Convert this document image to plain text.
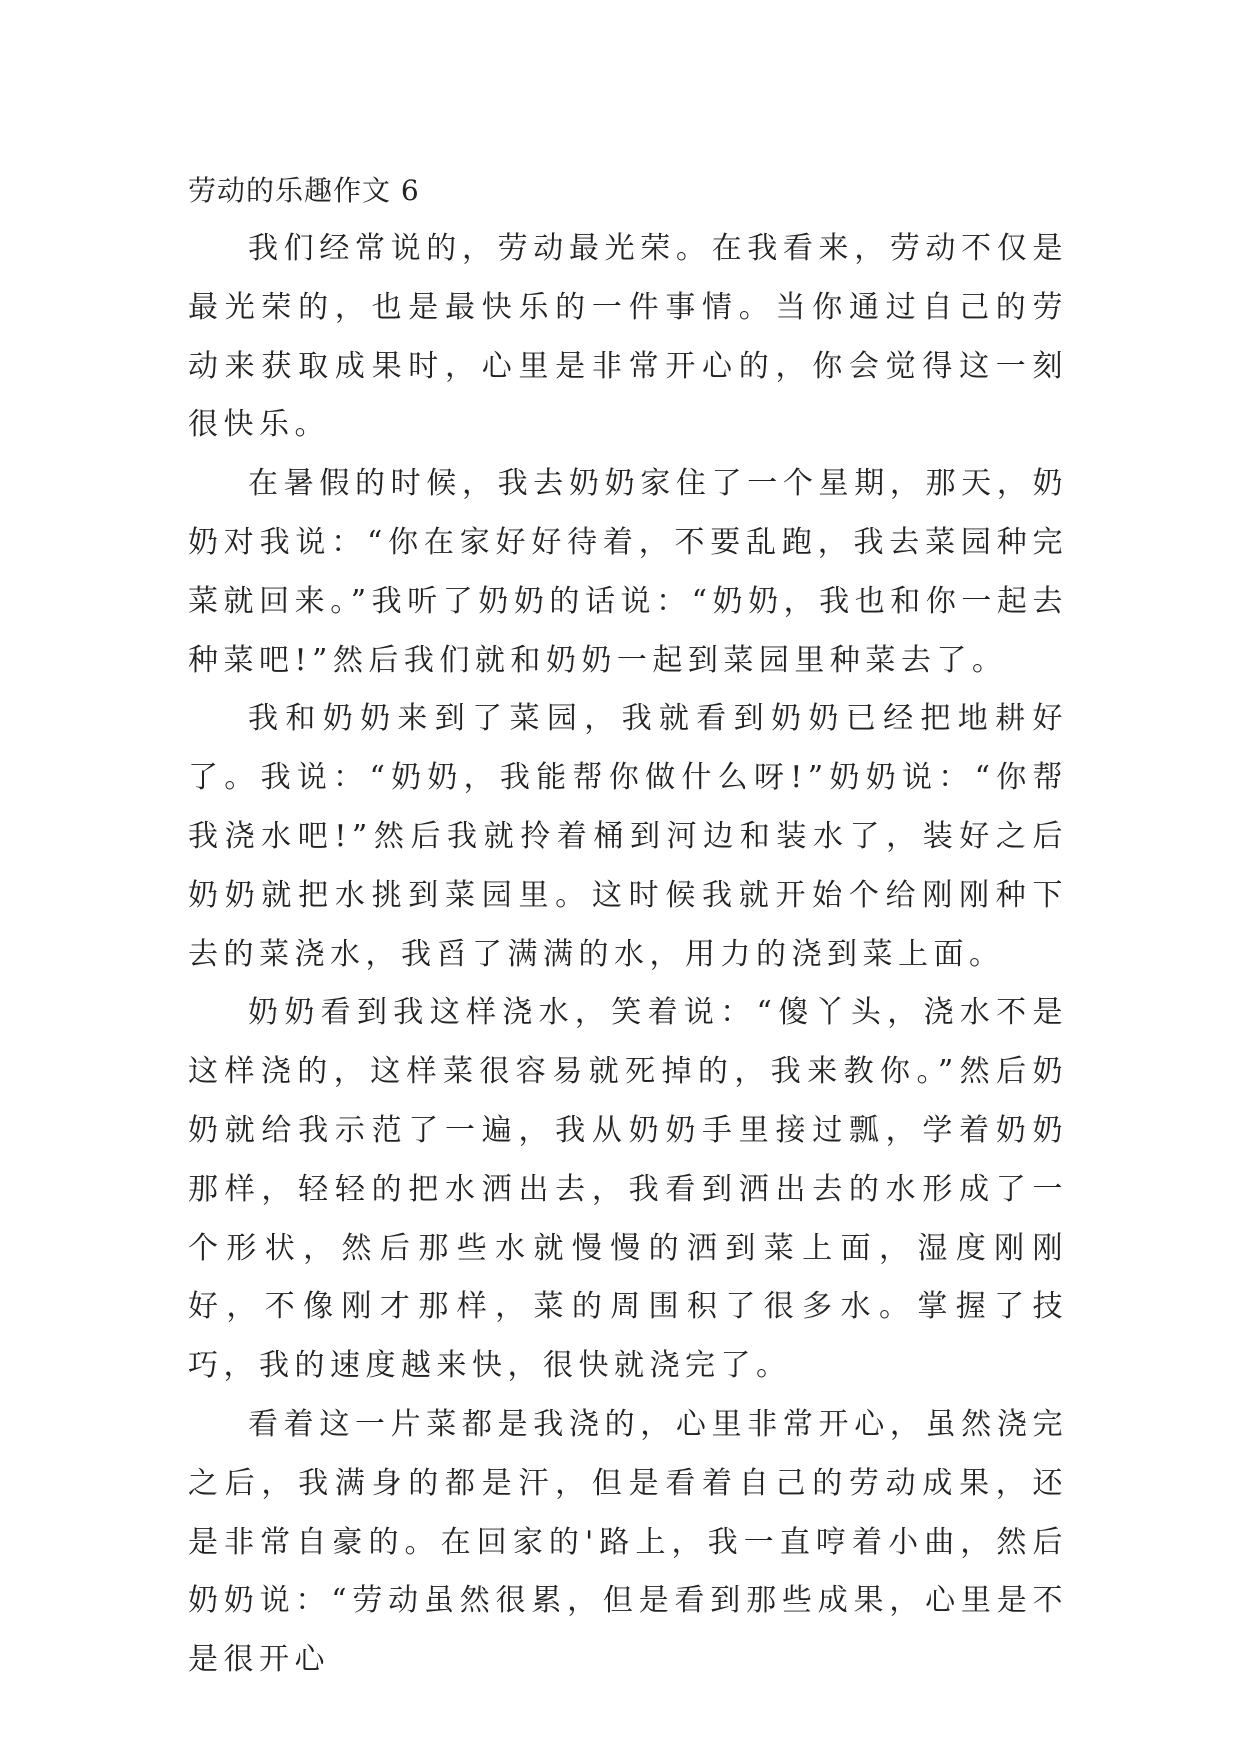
劳动的乐趣作文 6

我们经常说的，劳动最光荣。在我看来，劳动不仅是最光荣的，也是最快乐的一件事情。当你通过自己的劳动来获取成果时，心里是非常开心的，你会觉得这一刻很快乐。

在暑假的时候，我去奶奶家住了一个星期，那天，奶奶对我说：“你在家好好待着，不要乱跑，我去菜园种完菜就回来。”我听了奶奶的话说：“奶奶，我也和你一起去种菜吧!”然后我们就和奶奶一起到菜园里种菜去了。

我和奶奶来到了菜园，我就看到奶奶已经把地耕好了。我说：“奶奶，我能帮你做什么呀!”奶奶说：“你帮我浇水吧!”然后我就拎着桶到河边和装水了，装好之后奶奶就把水挑到菜园里。这时候我就开始个给刚刚种下去的菜浇水，我舀了满满的水，用力的浇到菜上面。

奶奶看到我这样浇水，笑着说：“傻丫头，浇水不是这样浇的，这样菜很容易就死掉的，我来教你。”然后奶奶就给我示范了一遍，我从奶奶手里接过瓢，学着奶奶那样，轻轻的把水洒出去，我看到洒出去的水形成了一个形状，然后那些水就慢慢的洒到菜上面，湿度刚刚好，不像刚才那样，菜的周围积了很多水。掌握了技巧，我的速度越来快，很快就浇完了。

看着这一片菜都是我浇的，心里非常开心，虽然浇完之后，我满身的都是汗，但是看着自己的劳动成果，还是非常自豪的。在回家的'路上，我一直哼着小曲，然后奶奶说：“劳动虽然很累，但是看到那些成果，心里是不是很开心
